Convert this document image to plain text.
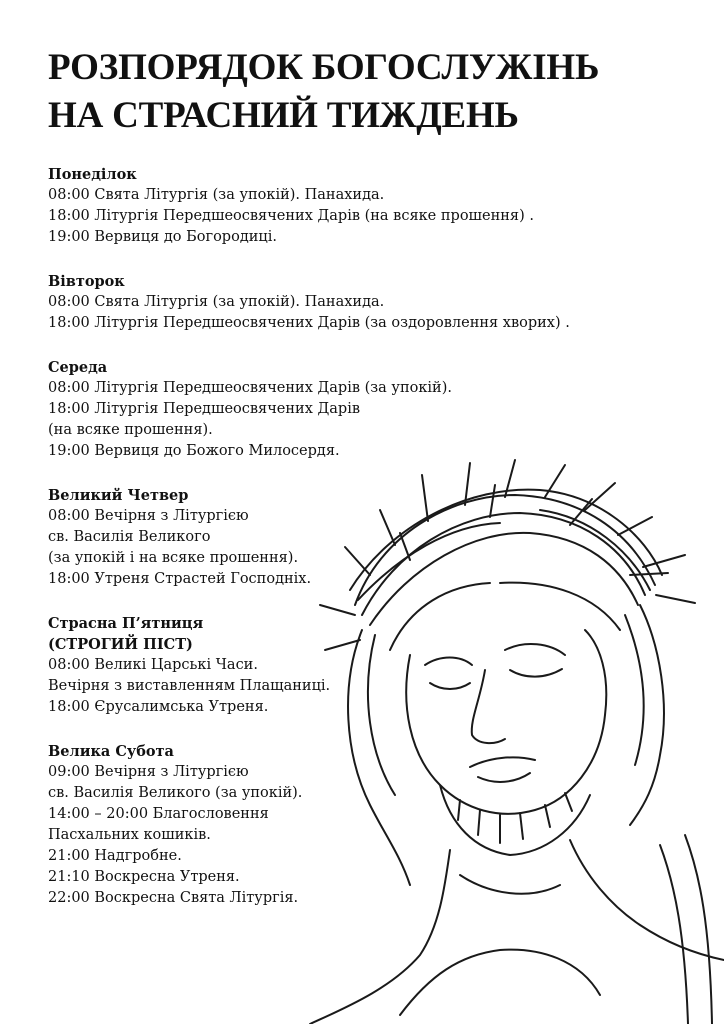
РОЗПОРЯДОК БОГОСЛУЖІНЬ
НА СТРАСНИЙ ТИЖДЕНЬ
Понеділок
08:00 Свята Літургія (за упокій). Панахида.
18:00 Літургія Передшеосвячених Дарів (на всяке прошення) .
19:00 Вервиця до Богородиці.
Вівторок
08:00 Свята Літургія (за упокій). Панахида.
18:00 Літургія Передшеосвячених Дарів (за оздоровлення хворих) .
Середа
08:00 Літургія Передшеосвячених Дарів (за упокій).
18:00 Літургія Передшеосвячених Дарів
(на всяке прошення).
19:00 Вервиця до Божого Милосердя.
Великий Четвер
08:00 Вечірня з Літургією
св. Василія Великого
(за упокій і на всяке прошення).
18:00 Утреня Страстей Господніх.
Страсна П’ятниця
(СТРОГИЙ ПІСТ)
08:00 Великі Царські Часи.
Вечірня з виставленням Плащаниці.
18:00 Єрусалимська Утреня.
Велика Субота
09:00 Вечірня з Літургією
св. Василія Великого (за упокій).
14:00 – 20:00 Благословення
Пасхальних кошиків.
21:00 Надгробне.
21:10 Воскресна Утреня.
22:00 Воскресна Свята Літургія.
